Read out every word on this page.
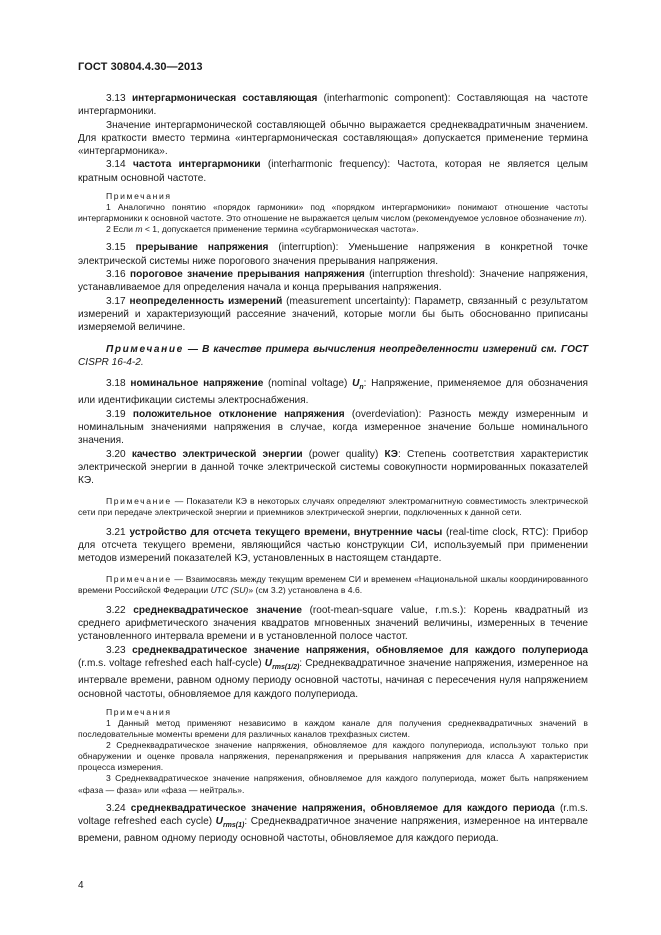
ГОСТ 30804.4.30—2013

3.13 интергармоническая составляющая (interharmonic component): Составляющая на частоте интергармоники.

Значение интергармонической составляющей обычно выражается среднеквадратичным значением. Для краткости вместо термина «интергармоническая составляющая» допускается применение термина «интергармоника».

3.14 частота интергармоники (interharmonic frequency): Частота, которая не является целым кратным основной частоте.

Примечания

1 Аналогично понятию «порядок гармоники» под «порядком интергармоники» понимают отношение частоты интергармоники к основной частоте. Это отношение не выражается целым числом (рекомендуемое условное обозначение m).

2 Если m < 1, допускается применение термина «субгармоническая частота».

3.15 прерывание напряжения (interruption): Уменьшение напряжения в конкретной точке электрической системы ниже порогового значения прерывания напряжения.

3.16 пороговое значение прерывания напряжения (interruption threshold): Значение напряжения, устанавливаемое для определения начала и конца прерывания напряжения.

3.17 неопределенность измерений (measurement uncertainty): Параметр, связанный с результатом измерений и характеризующий рассеяние значений, которые могли бы быть обоснованно приписаны измеряемой величине.

Примечание — В качестве примера вычисления неопределенности измерений см. ГОСТ CISPR 16-4-2.

3.18 номинальное напряжение (nominal voltage) $U_n$: Напряжение, применяемое для обозначения или идентификации системы электроснабжения.

3.19 положительное отклонение напряжения (overdeviation): Разность между измеренным и номинальным значениями напряжения в случае, когда измеренное значение больше номинального значения.

3.20 качество электрической энергии (power quality) КЭ: Степень соответствия характеристик электрической энергии в данной точке электрической системы совокупности нормированных показателей КЭ.

Примечание — Показатели КЭ в некоторых случаях определяют электромагнитную совместимость электрической сети при передаче электрической энергии и приемников электрической энергии, подключенных к данной сети.

3.21 устройство для отсчета текущего времени, внутренние часы (real-time clock, RTC): Прибор для отсчета текущего времени, являющийся частью конструкции СИ, используемый при применении методов измерений показателей КЭ, установленных в настоящем стандарте.

Примечание — Взаимосвязь между текущим временем СИ и временем «Национальной шкалы координированного времени Российской Федерации UTC (SU)» (см 3.2) установлена в 4.6.

3.22 среднеквадратическое значение (root-mean-square value, r.m.s.): Корень квадратный из среднего арифметического значения квадратов мгновенных значений величины, измеренных в течение установленного интервала времени и в установленной полосе частот.

3.23 среднеквадратическое значение напряжения, обновляемое для каждого полупериода (r.m.s. voltage refreshed each half-cycle) $U_{rms(1/2)}$: Среднеквадратичное значение напряжения, измеренное на интервале времени, равном одному периоду основной частоты, начиная с пересечения нуля напряжением основной частоты, обновляемое для каждого полупериода.

Примечания

1 Данный метод применяют независимо в каждом канале для получения среднеквадратичных значений в последовательные моменты времени для различных каналов трехфазных систем.

2 Среднеквадратическое значение напряжения, обновляемое для каждого полупериода, используют только при обнаружении и оценке провала напряжения, перенапряжения и прерывания напряжения для класса А характеристик процесса измерения.

3 Среднеквадратическое значение напряжения, обновляемое для каждого полупериода, может быть напряжением «фаза — фаза» или «фаза — нейтраль».

3.24 среднеквадратическое значение напряжения, обновляемое для каждого периода (r.m.s. voltage refreshed each cycle) $U_{rms(1)}$: Среднеквадратичное значение напряжения, измеренное на интервале времени, равном одному периоду основной частоты, обновляемое для каждого периода.

4
